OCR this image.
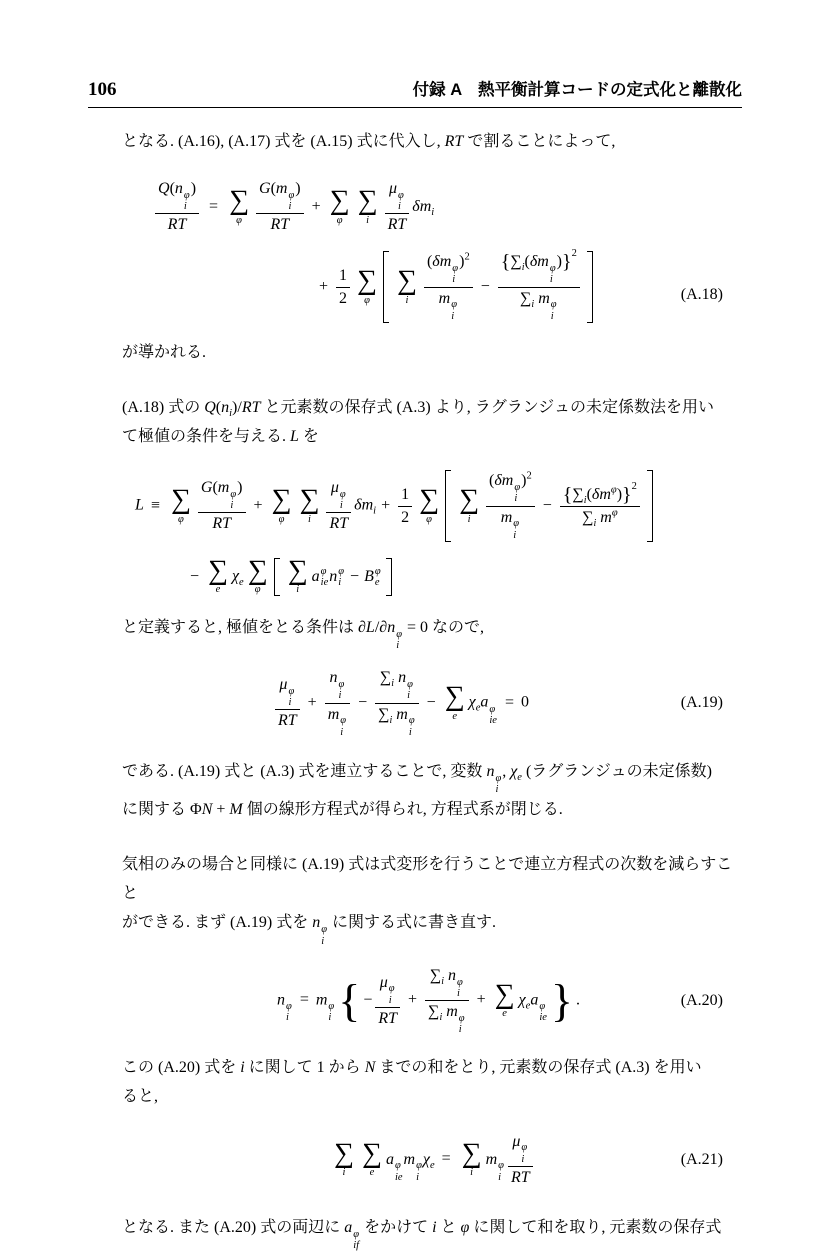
106	付録 A　熱平衡計算コードの定式化と離散化

となる. (A.16), (A.17) 式を (A.15) 式に代入し, RT で割ることによって,

Q(n φ
i
)
RT
= ∑
φ
G(m φ
i
)
RT
+ ∑
φ
∑
i
μ φ
i
RT
$\delta m_i$
+ $\frac{1}{2}$ ∑
φ
∑
i
(δm φ
i
)$^2$
m φ
i
−
{$\sum_i(\delta m$ φ
i
)}$^2$
$\sum_i$ m φ
i
(A.18)

が導かれる.

(A.18) 式の $Q(n_i)/RT$ と元素数の保存式 (A.3) より, ラグランジュの未定係数法を用い
て極値の条件を与える. L を

L ≡ ∑
φ
G(m φ
i
)
RT
+ ∑
φ
∑
i
μ φ
i
RT
$\delta m_i + \frac{1}{2}$ ∑
φ
∑
i
(δm φ
i
)$^2$
m φ
i
− $\{\sum_i(\delta m^\varphi)\}^2$
$\sum_i$ $m^\varphi$
− ∑
e
$\chi_e$ ∑
φ
∑
i
a φ
ie n φ
i − B φ
e

と定義すると, 極値をとる条件は ∂L/∂n φ
i
= 0 なので,

μ φ
i
RT
+
n φ
i
m φ
i
−
$\sum_i$ n φ
i
$\sum_i$ m φ
i
− ∑
e
$\chi_ea$ φ
ie
= 0	(A.19)

である. (A.19) 式と (A.3) 式を連立することで, 変数 n φ
i
, $\chi_e$ (ラグランジュの未定係数)
に関する ΦN + M 個の線形方程式が得られ, 方程式系が閉じる.

気相のみの場合と同様に (A.19) 式は式変形を行うことで連立方程式の次数を減らすこと
ができる. まず (A.19) 式を n φ
i
に関する式に書き直す.

n φ
i
= m φ
i { −
μ φ
i
RT
+
$\sum_i$ n φ
i
$\sum_i$ m φ
i
+ ∑
e
$\chi_ea$ φ
ie } .	(A.20)

この (A.20) 式を i に関して 1 から N までの和をとり, 元素数の保存式 (A.3) を用い
ると,

∑
i
∑
e
a φ
ie
m φ
i
$\chi_e$ = ∑
i
m φ
i
μ φ
i
RT
(A.21)

となる. また (A.20) 式の両辺に a φ
if
をかけて i と φ に関して和を取り, 元素数の保存式
